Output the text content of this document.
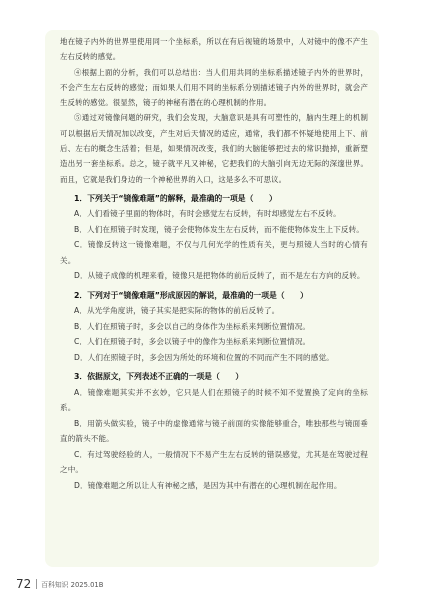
地在镜子内外的世界里使用同一个坐标系，所以在有后视镜的场景中，人对镜中的像不产生左右反转的感觉。

④根据上面的分析，我们可以总结出：当人们用共同的坐标系描述镜子内外的世界时，不会产生左右反转的感觉；而如果人们用不同的坐标系分别描述镜子内外的世界时，就会产生反转的感觉。很显然，镜子的神秘有潜在的心理机制的作用。

⑤通过对镜像问题的研究，我们会发现，大脑意识是具有可塑性的，脑内生理上的机制可以根据后天情况加以改变，产生对后天情况的适应，通常，我们都不怀疑地使用上下、前后、左右的概念生活着；但是，如果情况改变，我们的大脑能够把过去的常识抛掉，重新塑造出另一套坐标系。总之，镜子就平凡又神秘，它把我们的大脑引向无边无际的深邃世界。而且，它就是我们身边的一个神秘世界的入口，这是多么不可思议。

1．下列关于“镜像难题”的解释，最准确的一项是（　　）

A．人们看镜子里面的物体时，有时会感觉左右反转，有时却感觉左右不反转。

B．人们在照镜子时发现，镜子会使物体发生左右反转，而不能使物体发生上下反转。

C．镜像反转这一镜像难题，不仅与几何光学的性质有关，更与照镜人当时的心情有关。

D．从镜子成像的机理来看，镜像只是把物体的前后反转了，而不是左右方向的反转。

2．下列对于“镜像难题”形成原因的解说，最准确的一项是（　　）

A．从光学角度讲，镜子其实是把实际的物体的前后反转了。

B．人们在照镜子时，多会以自己的身体作为坐标系来判断位置情况。

C．人们在照镜子时，多会以镜子中的像作为坐标系来判断位置情况。

D．人们在照镜子时，多会因为所处的环境和位置的不同而产生不同的感觉。

3．依据原文，下列表述不正确的一项是（　　）

A．镜像难题其实并不玄妙，它只是人们在照镜子的时候不知不觉置换了定向的坐标系。

B．用箭头做实验，镜子中的虚像通常与镜子前面的实像能够重合，唯独那些与镜面垂直的箭头不能。

C．有过驾驶经验的人，一般情况下不易产生左右反转的错误感觉，尤其是在驾驶过程之中。

D．镜像难题之所以让人有神秘之感，是因为其中有潜在的心理机制在起作用。

72 百科知识 2025.01B
